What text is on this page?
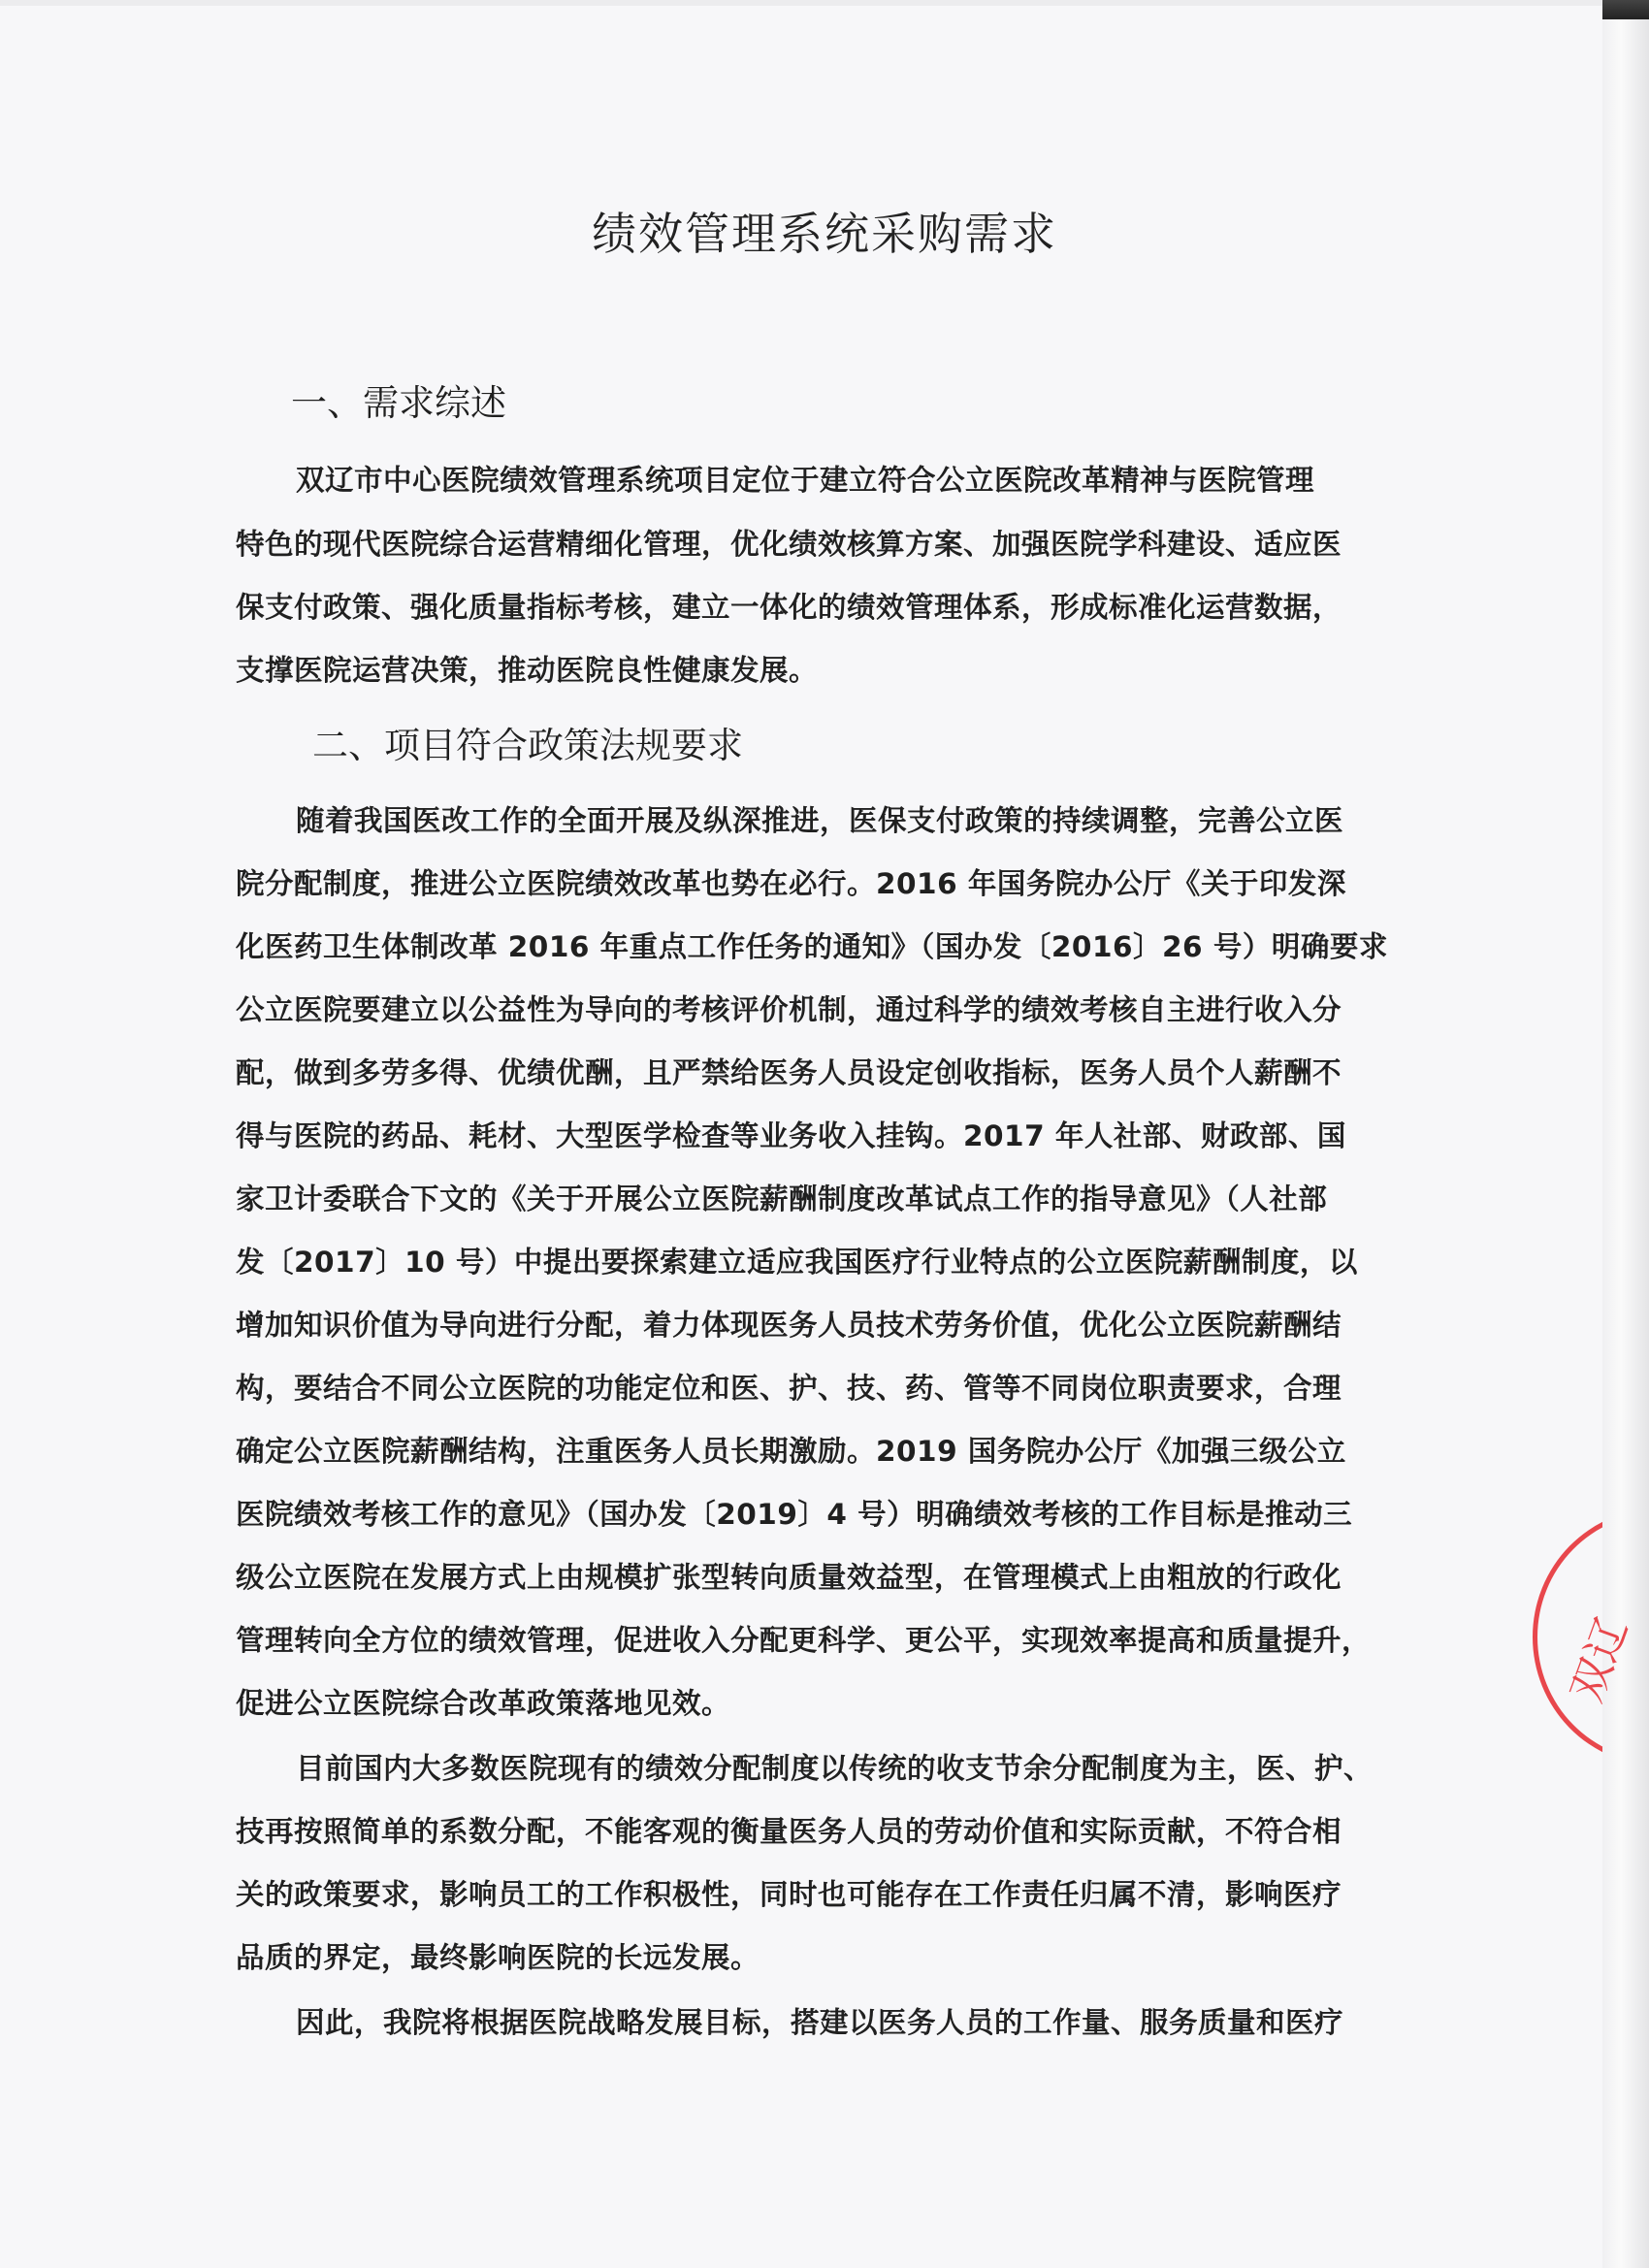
绩效管理系统采购需求
一、需求综述
双辽市中心医院绩效管理系统项目定位于建立符合公立医院改革精神与医院管理
特色的现代医院综合运营精细化管理，优化绩效核算方案、加强医院学科建设、适应医
保支付政策、强化质量指标考核，建立一体化的绩效管理体系，形成标准化运营数据，
支撑医院运营决策，推动医院良性健康发展。
二、项目符合政策法规要求
随着我国医改工作的全面开展及纵深推进，医保支付政策的持续调整，完善公立医
院分配制度，推进公立医院绩效改革也势在必行。2016 年国务院办公厅《关于印发深
化医药卫生体制改革 2016 年重点工作任务的通知》（国办发〔2016〕26 号）明确要求
公立医院要建立以公益性为导向的考核评价机制，通过科学的绩效考核自主进行收入分
配，做到多劳多得、优绩优酬，且严禁给医务人员设定创收指标，医务人员个人薪酬不
得与医院的药品、耗材、大型医学检查等业务收入挂钩。2017 年人社部、财政部、国
家卫计委联合下文的《关于开展公立医院薪酬制度改革试点工作的指导意见》（人社部
发〔2017〕10 号）中提出要探索建立适应我国医疗行业特点的公立医院薪酬制度，以
增加知识价值为导向进行分配，着力体现医务人员技术劳务价值，优化公立医院薪酬结
构，要结合不同公立医院的功能定位和医、护、技、药、管等不同岗位职责要求，合理
确定公立医院薪酬结构，注重医务人员长期激励。2019 国务院办公厅《加强三级公立
医院绩效考核工作的意见》（国办发〔2019〕4 号）明确绩效考核的工作目标是推动三
级公立医院在发展方式上由规模扩张型转向质量效益型，在管理模式上由粗放的行政化
管理转向全方位的绩效管理，促进收入分配更科学、更公平，实现效率提高和质量提升，
促进公立医院综合改革政策落地见效。
目前国内大多数医院现有的绩效分配制度以传统的收支节余分配制度为主，医、护、
技再按照简单的系数分配，不能客观的衡量医务人员的劳动价值和实际贡献，不符合相
关的政策要求，影响员工的工作积极性，同时也可能存在工作责任归属不清，影响医疗
品质的界定，最终影响医院的长远发展。
因此，我院将根据医院战略发展目标，搭建以医务人员的工作量、服务质量和医疗
双辽
